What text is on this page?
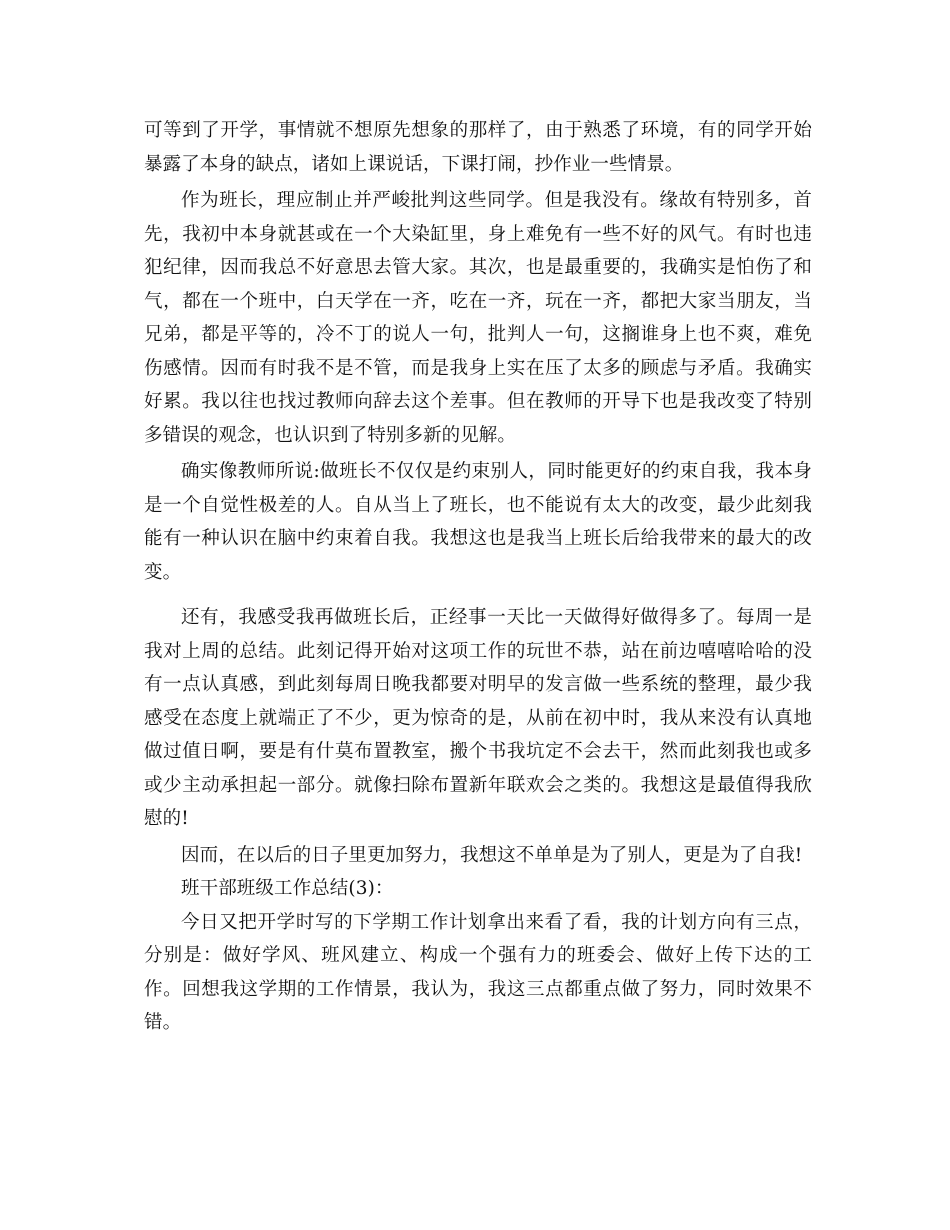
可等到了开学，事情就不想原先想象的那样了，由于熟悉了环境，有的同学开始暴露了本身的缺点，诸如上课说话，下课打闹，抄作业一些情景。

作为班长，理应制止并严峻批判这些同学。但是我没有。缘故有特别多，首先，我初中本身就甚或在一个大染缸里，身上难免有一些不好的风气。有时也违犯纪律，因而我总不好意思去管大家。其次，也是最重要的，我确实是怕伤了和气，都在一个班中，白天学在一齐，吃在一齐，玩在一齐，都把大家当朋友，当兄弟，都是平等的，冷不丁的说人一句，批判人一句，这搁谁身上也不爽，难免伤感情。因而有时我不是不管，而是我身上实在压了太多的顾虑与矛盾。我确实好累。我以往也找过教师向辞去这个差事。但在教师的开导下也是我改变了特别多错误的观念，也认识到了特别多新的见解。

确实像教师所说:做班长不仅仅是约束别人，同时能更好的约束自我，我本身是一个自觉性极差的人。自从当上了班长，也不能说有太大的改变，最少此刻我能有一种认识在脑中约束着自我。我想这也是我当上班长后给我带来的最大的改变。

还有，我感受我再做班长后，正经事一天比一天做得好做得多了。每周一是我对上周的总结。此刻记得开始对这项工作的玩世不恭，站在前边嘻嘻哈哈的没有一点认真感，到此刻每周日晚我都要对明早的发言做一些系统的整理，最少我感受在态度上就端正了不少，更为惊奇的是，从前在初中时，我从来没有认真地做过值日啊，要是有什莫布置教室，搬个书我坑定不会去干，然而此刻我也或多或少主动承担起一部分。就像扫除布置新年联欢会之类的。我想这是最值得我欣慰的!

因而，在以后的日子里更加努力，我想这不单单是为了别人，更是为了自我!

班干部班级工作总结(3)：

今日又把开学时写的下学期工作计划拿出来看了看，我的计划方向有三点，分别是：做好学风、班风建立、构成一个强有力的班委会、做好上传下达的工作。回想我这学期的工作情景，我认为，我这三点都重点做了努力，同时效果不错。
